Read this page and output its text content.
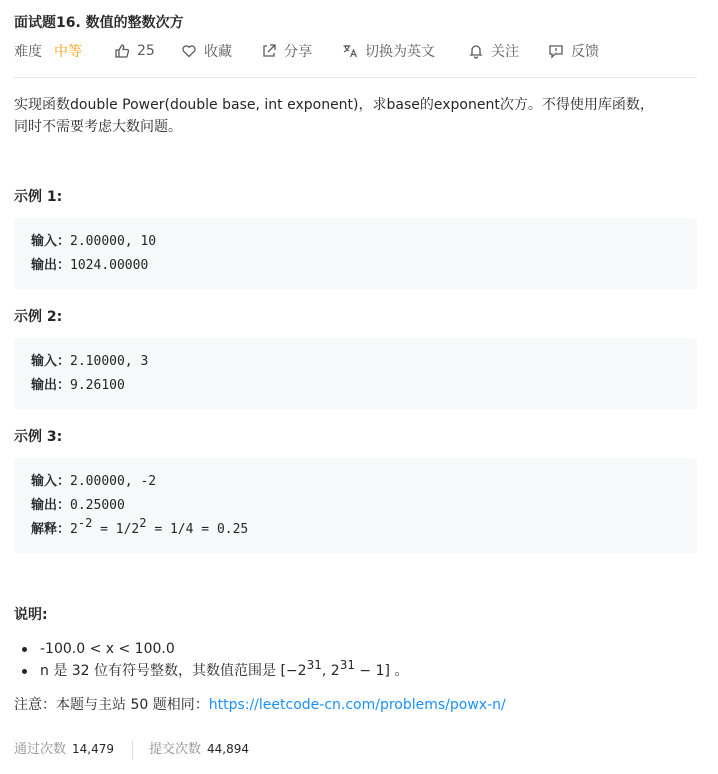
面试题16. 数值的整数次方
难度 中等	25	收藏	分享	切换为英文	关注	反馈
实现函数double Power(double base, int exponent)，求base的exponent次方。不得使用库函数，
同时不需要考虑大数问题。
示例 1:
输入：2.00000, 10
输出：1024.00000
示例 2:
输入：2.10000, 3
输出：9.26100
示例 3:
输入：2.00000, -2
输出：0.25000
解释：$2^{-2} = 1/2^2 = 1/4 = 0.25$
说明:
-100.0 < x < 100.0
n 是 32 位有符号整数，其数值范围是 [$-2^{31}$, $2^{31} - 1$] 。
注意：本题与主站 50 题相同：https://leetcode-cn.com/problems/powx-n/
通过次数 14,479	提交次数 44,894
